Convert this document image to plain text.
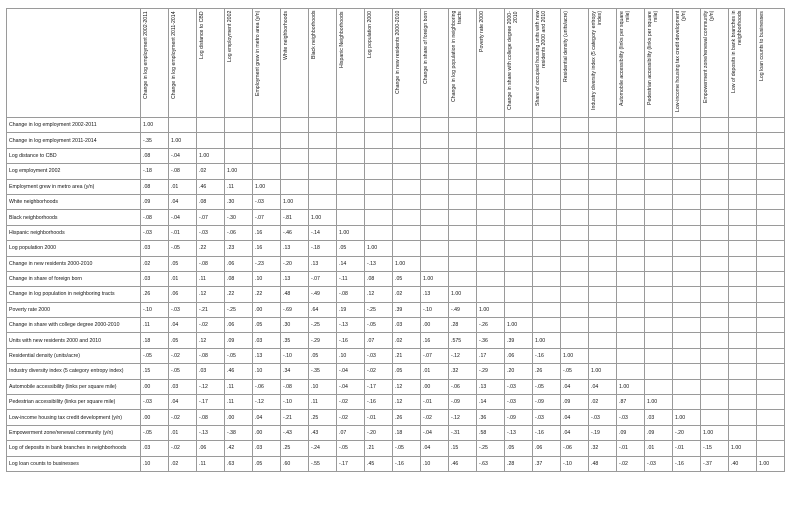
	Change in log employment 2002-2011	Change in log employment 2011-2014	Log distance to CBD	Log employment 2002	Employment grew in metro area (y/n)	White neighborhoods	Black neighborhoods	Hispanic Neighborhoods	Log population 2000	Change in new residents 2000-2010	Change in share of foreign born	Change in log population in neighboring tracts	Poverty rate 2000	Change in share with college degree 2000-2010	Share of occupied housing units with new residents 2000 and 2010	Residential density (units/acre)	Industry diversity index (5 category entropy index)	Automobile accessibility (links per square mile)	Pedestrian accessibility (links per square mile)	Low-income housing tax credit development (y/n)	Empowerment zone/renewal community (y/n)	Low of deposits in bank branches in neighborhoods	Log loan counts to businesses

Change in log employment 2002-2011	1.00																						
Change in log employment 2011-2014	-.35	1.00																					
Log distance to CBD	.08	-.04	1.00																				
Log employment 2002	-.18	-.08	.02	1.00																			
Employment grew in metro area (y/n)	.08	.01	.46	.11	1.00																		
White neighborhoods	.09	.04	.08	.30	-.03	1.00																	
Black neighborhoods	-.08	-.04	-.07	-.30	-.07	-.81	1.00																
Hispanic neighborhoods	-.03	-.01	-.03	-.06	.16	-.46	-.14	1.00															
Log population 2000	.03	-.05	.22	.23	.16	.13	-.18	.05	1.00														
Change in new residents 2000-2010	.02	.05	-.08	.06	-.23	-.20	.13	.14	-.13	1.00													
Change in share of foreign born	.03	.01	.11	.08	.10	.13	-.07	-.11	.08	.05	1.00												
Change in log population in neighboring tracts	.26	.06	.12	.22	.22	.48	-.49	-.08	.12	.02	.13	1.00											
Poverty rate 2000	-.10	-.03	-.21	-.25	.00	-.69	.64	.19	-.25	.39	-.10	-.49	1.00										
Change in share with college degree 2000-2010	.11	.04	-.02	.06	.05	.30	-.25	-.13	-.05	.03	.00	.28	-.26	1.00									
Units with new residents 2000 and 2010	.18	.05	.12	.09	.03	.35	-.29	-.16	.07	.02	.16	.575	-.36	.39	1.00								
Residential density (units/acre)	-.05	-.02	-.08	-.05	.13	-.10	.05	.10	-.03	.21	-.07	-.12	.17	.06	-.16	1.00							
Industry diversity index (5 category entropy index)	.15	-.05	.03	.46	.10	.34	-.35	-.04	-.02	.05	.01	.32	-.29	.20	.26	-.05	1.00						
Automobile accessibility (links per square mile)	.00	.03	-.12	.11	-.06	-.08	.10	-.04	-.17	.12	.00	-.06	.13	-.03	-.05	.04	.04	1.00					
Pedestrian accessibility (links per square mile)	-.03	.04	-.17	.11	-.12	-.10	.11	-.02	-.16	.12	-.01	-.09	.14	-.03	-.09	.09	.02	.87	1.00				
Low-income housing tax credit development (y/n)	.00	-.02	-.08	.00	.04	-.21	.25	-.02	-.01	.26	-.02	-.12	.36	-.09	-.03	.04	-.03	-.03	.03	1.00			
Empowerment zone/renewal community (y/n)	-.05	.01	-.13	-.38	.00	-.43	.43	.07	-.20	.18	-.04	-.31	.58	-.13	-.16	.04	-.19	.09	.09	-.20	1.00		
Log of deposits in bank branches in neighborhoods	.03	-.02	.06	.42	.03	.25	-.24	-.05	.21	-.05	.04	.15	-.25	.05	.06	-.06	.32	-.01	.01	-.01	-.15	1.00	
Log loan counts to businesses	.10	.02	.11	.63	.05	.60	-.55	-.17	.45	-.16	.10	.46	-.63	.28	.37	-.10	.48	-.02	-.03	-.16	-.37	.40	1.00
